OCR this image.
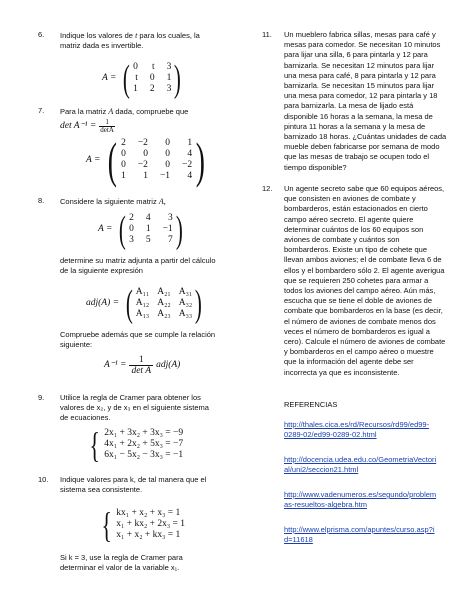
6.	Indique los valores de t para los cuales, la
matriz dada es invertible.
A = ( 0 t 3
t 0 1
1 2 3 )
7.	Para la matriz A dada, compruebe que
det A⁻¹ = 1
detA
A = ( 2 −2	0	1
0	0	0	4
0 −2	0 −2
1	1 −1	4 )
8.	Considere la siguiente matriz A,
A = ( 2 4	3
0 1 −1
3 5	7 )
determine su matriz adjunta a partir del cálculo
de la siguiente expresión
adj(A) = ( A₁₁ A₂₁ A₃₁
A₁₂ A₂₂ A₃₂
A₁₃ A₂₃ A₃₃ )
Compruebe además que se cumple la relación
siguiente:
A⁻¹ = 1
det A
adj(A)
9.	Utilice la regla de Cramer para obtener los
valores de x₂, y de x₃ en el siguiente sistema
de ecuaciones.
{ 2x₁ + 3x₂ + 3x₃ = −9
4x₁ + 2x₂ + 5x₃ = −7
6x₁ − 5x₂ − 3x₃ = −1
10.	Indique valores para k, de tal manera que el
sistema sea consistente.
{ kx₁ + x₂ + x₃ = 1
x₁ + kx₂ + 2x₃ = 1
x₁ + x₂ + kx₃ = 1
Si k = 3, use la regla de Cramer para
determinar el valor de la variable x₁.
11.	Un mueblero fabrica sillas, mesas para café y
mesas para comedor. Se necesitan 10 minutos
para lijar una silla, 6 para pintarla y 12 para
barnizarla. Se necesitan 12 minutos para lijar
una mesa para café, 8 para pintarla y 12 para
barnizarla. Se necesitan 15 minutos para lijar
una mesa para comedor, 12 para pintarla y 18
para barnizarla. La mesa de lijado está
disponible 16 horas a la semana, la mesa de
pintura 11 horas a la semana y la mesa de
barnizado 18 horas. ¿Cuántas unidades de cada
mueble deben fabricarse por semana de modo
que las mesas de trabajo se ocupen todo el
tiempo disponible?
12.	Un agente secreto sabe que 60 equipos aéreos,
que consisten en aviones de combate y
bombarderos, están estacionados en cierto
campo aéreo secreto. El agente quiere
determinar cuántos de los 60 equipos son
aviones de combate y cuántos son
bombarderos. Existe un tipo de cohete que
llevan ambos aviones; el de combate lleva 6 de
ellos y el bombardero sólo 2. El agente averigua
que se requieren 250 cohetes para armar a
todos los aviones del campo aéreo. Aún más,
escucha que se tiene el doble de aviones de
combate que bombarderos en la base (es decir,
el número de aviones de combate menos dos
veces el número de bombarderos es igual a
cero). Calcule el número de aviones de combate
y bombarderos en el campo aéreo o muestre
que la información del agente debe ser
incorrecta ya que es inconsistente.
REFERENCIAS
http://thales.cica.es/rd/Recursos/rd99/ed99-
0289-02/ed99-0289-02.html
http://docencia.udea.edu.co/GeometriaVectori
al/uni2/seccion21.html
http://www.vadenumeros.es/segundo/problem
as-resueltos-algebra.htm
http://www.elprisma.com/apuntes/curso.asp?i
d=11618
